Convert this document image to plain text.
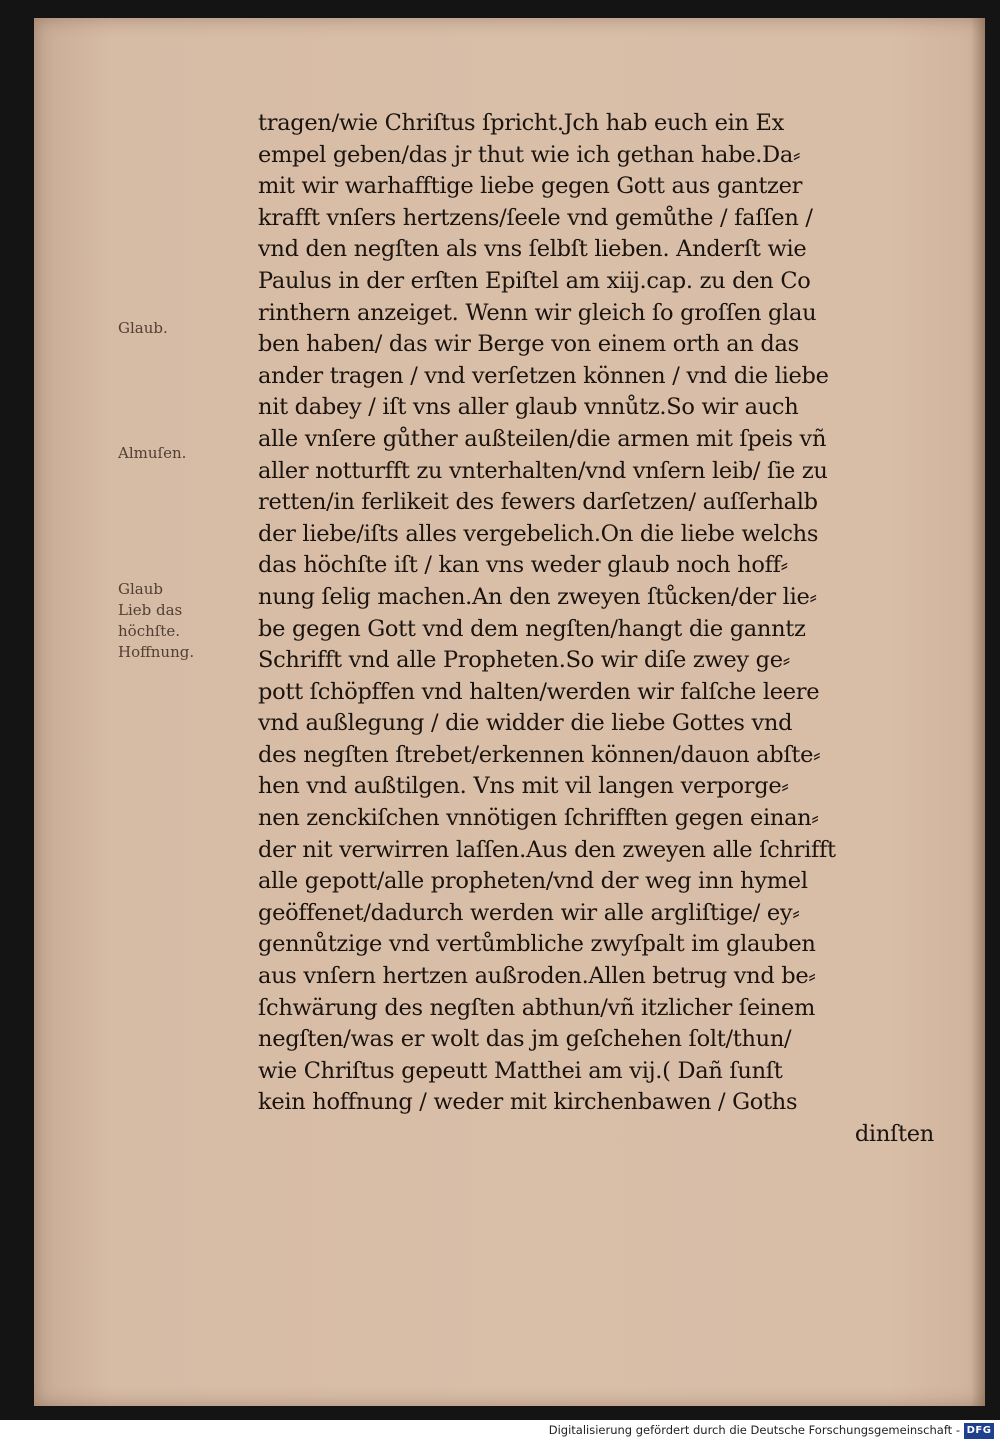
Glaub.
Almuſen.
Glaub
Lieb das
höchſte.
Hoffnung.
tragen/wie Chriſtus ſpricht.Jch hab euch ein Ex
empel geben/das jr thut wie ich gethan habe.Da⸗
mit wir warhafftige liebe gegen Gott aus gantzer
krafft vnſers hertzens/ſeele vnd gemůthe / faſſen /
vnd den negſten als vns ſelbſt lieben. Anderſt wie
Paulus in der erſten Epiſtel am xiij.cap. zu den Co
rinthern anzeiget. Wenn wir gleich ſo groſſen glau
ben haben/ das wir Berge von einem orth an das
ander tragen / vnd verſetzen können / vnd die liebe
nit dabey / iſt vns aller glaub vnnůtz.So wir auch
alle vnſere gůther außteilen/die armen mit ſpeis vñ
aller notturfft zu vnterhalten/vnd vnſern leib/ ſie zu
retten/in ferlikeit des fewers darſetzen/ auſſerhalb
der liebe/iſts alles vergebelich.On die liebe welchs
das höchſte iſt / kan vns weder glaub noch hoff⸗
nung ſelig machen.An den zweyen ſtůcken/der lie⸗
be gegen Gott vnd dem negſten/hangt die ganntz
Schrifft vnd alle Propheten.So wir diſe zwey ge⸗
pott ſchöpffen vnd halten/werden wir falſche leere
vnd außlegung / die widder die liebe Gottes vnd
des negſten ſtrebet/erkennen können/dauon abſte⸗
hen vnd außtilgen. Vns mit vil langen verporge⸗
nen zenckiſchen vnnötigen ſchrifften gegen einan⸗
der nit verwirren laſſen.Aus den zweyen alle ſchrifft
alle gepott/alle propheten/vnd der weg inn hymel
geöffenet/dadurch werden wir alle argliſtige/ ey⸗
gennůtzige vnd vertůmbliche zwyſpalt im glauben
aus vnſern hertzen außroden.Allen betrug vnd be⸗
ſchwärung des negſten abthun/vñ itzlicher ſeinem
negſten/was er wolt das jm geſchehen ſolt/thun/
wie Chriſtus gepeutt Matthei am vij.( Dañ ſunſt
kein hoffnung / weder mit kirchenbawen / Goths
dinſten
Digitalisierung gefördert durch die Deutsche Forschungsgemeinschaft - DFG
